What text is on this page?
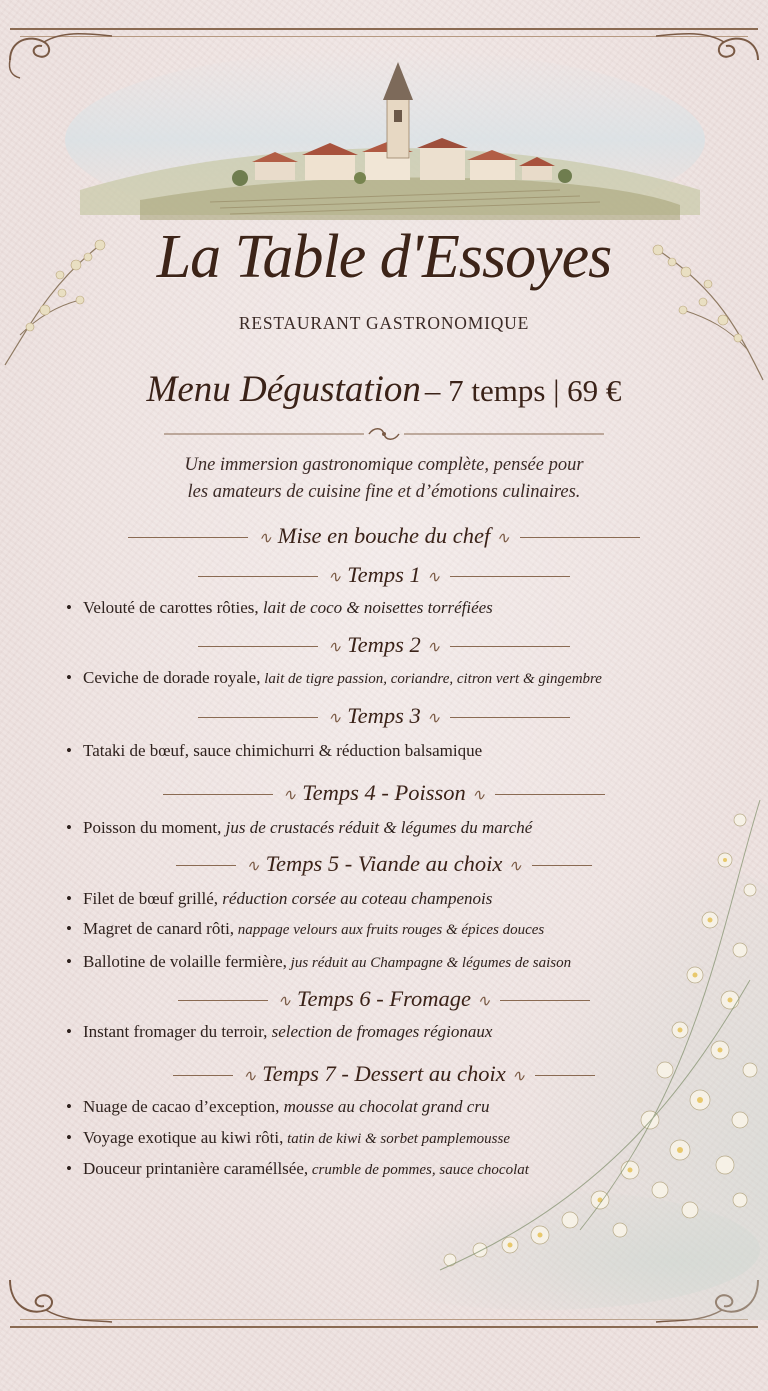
La Table d'Essoyes
RESTAURANT GASTRONOMIQUE
Menu Dégustation – 7 temps | 69 €
Une immersion gastronomique complète, pensée pour
les amateurs de cuisine fine et d’émotions culinaires.
∿ Mise en bouche du chef ∿
∿ Temps 1 ∿
• Velouté de carottes rôties, lait de coco & noisettes torréfiées
∿ Temps 2 ∿
• Ceviche de dorade royale, lait de tigre passion, coriandre, citron vert & gingembre
∿ Temps 3 ∿
• Tataki de bœuf, sauce chimichurri & réduction balsamique
∿ Temps 4 - Poisson ∿
• Poisson du moment, jus de crustacés réduit & légumes du marché
∿ Temps 5 - Viande au choix ∿
• Filet de bœuf grillé, réduction corsée au coteau champenois
• Magret de canard rôti, nappage velours aux fruits rouges & épices douces
• Ballotine de volaille fermière, jus réduit au Champagne & légumes de saison
∿ Temps 6 - Fromage ∿
• Instant fromager du terroir, selection de fromages régionaux
∿ Temps 7 - Dessert au choix ∿
• Nuage de cacao d’exception, mousse au chocolat grand cru
• Voyage exotique au kiwi rôti, tatin de kiwi & sorbet pamplemousse
• Douceur printanière caraméllsée, crumble de pommes, sauce chocolat
